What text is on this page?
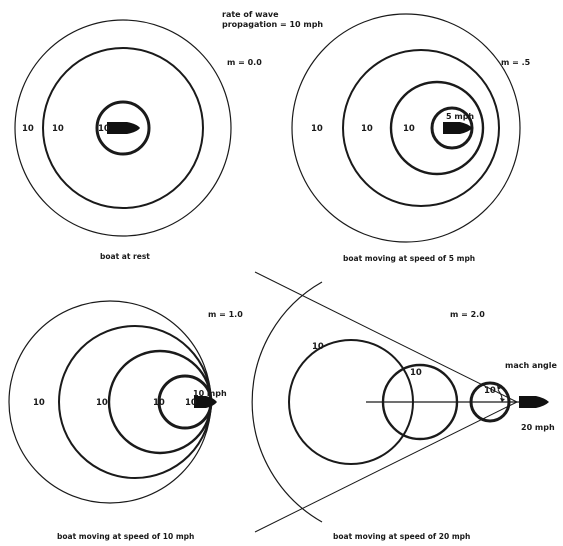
rate of wave
propagation = 10 mph
10 10	10
m = 0.0
boat at rest
10	10	10
5 mph
m = .5
boat moving at speed of 5 mph
10	10	10 10
10 mph
m = 1.0
boat moving at speed of 10 mph
10
10
10
mach angle
20 mph
m = 2.0
boat moving at speed of 20 mph
